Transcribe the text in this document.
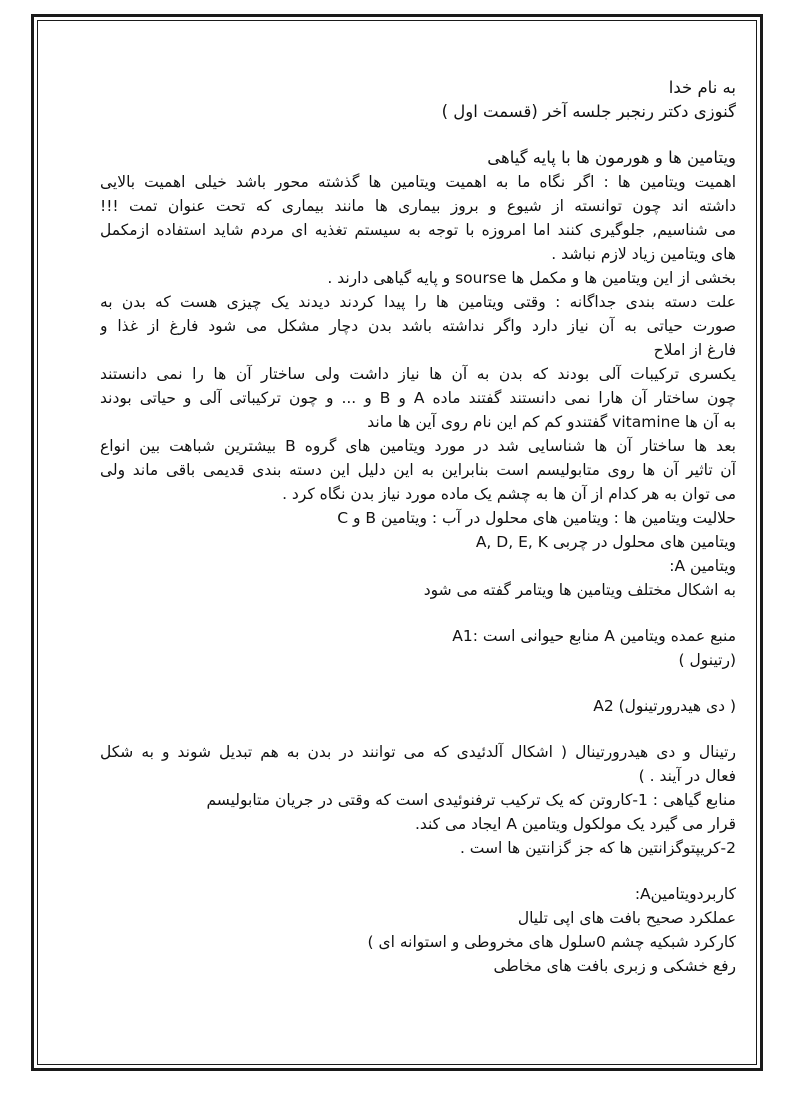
به نام خدا
گنوزی دکتر رنجبر جلسه آخر (قسمت اول )
ویتامین ها و هورمون ها با پایه گیاهی
اهمیت ویتامین ها : اگر نگاه ما به اهمیت ویتامین ها گذشته محور باشد خیلی اهمیت بالایی
داشته اند چون توانسته از شیوع و بروز بیماری ها مانند بیماری که تحت عنوان تمت !!!
می شناسیم, جلوگیری کنند اما امروزه با توجه به سیستم تغذیه ای مردم شاید استفاده ازمکمل
های ویتامین زیاد لازم نباشد .
بخشی از این ویتامین ها و مکمل ها sourse و پایه گیاهی دارند .
علت دسته بندی جداگانه : وقتی ویتامین ها را پیدا کردند دیدند یک چیزی هست که بدن به
صورت حیاتی به آن نیاز دارد واگر نداشته باشد بدن دچار مشکل می شود فارغ از غذا و
فارغ از املاح
یکسری ترکیبات آلی بودند که بدن به آن ها نیاز داشت ولی ساختار آن ها را نمی دانستند
چون ساختار آن هارا نمی دانستند گفتند ماده A و B و ... و چون ترکیباتی آلی و حیاتی بودند
به آن ها vitamine گفتندو کم کم این نام روی آین ها ماند
بعد ها ساختار آن ها شناسایی شد در مورد ویتامین های گروه B بیشترین شباهت بین انواع
آن تاثیر آن ها روی متابولیسم است بنابراین به این دلیل این دسته بندی قدیمی باقی ماند ولی
می توان به هر کدام از آن ها به چشم یک ماده مورد نیاز بدن نگاه کرد .
حلالیت ویتامین ها : ویتامین های محلول در آب : ویتامین B و C
ویتامین های محلول در چربی A, D, E, K
ویتامین A:
به اشکال مختلف ویتامین ها ویتامر گفته می شود
منبع عمده ویتامین A منابع حیوانی است :A1
(رتینول )
A2 (دی هیدرورتینول )
رتینال و دی هیدرورتینال ( اشکال آلدئیدی که می توانند در بدن به هم تبدیل شوند و به شکل
فعال در آیند . )
منابع گیاهی : 1-کاروتن که یک ترکیب ترفنوئیدی است که وقتی در جریان متابولیسم
قرار می گیرد یک مولکول ویتامین A ایجاد می کند.
2-کریپتوگزانتین ها که جز گزانتین ها است .
کاربردویتامینA:
عملکرد صحیح بافت های اپی تلیال
کارکرد شبکیه چشم 0سلول های مخروطی و استوانه ای )
رفع خشکی و زبری بافت های مخاطی
